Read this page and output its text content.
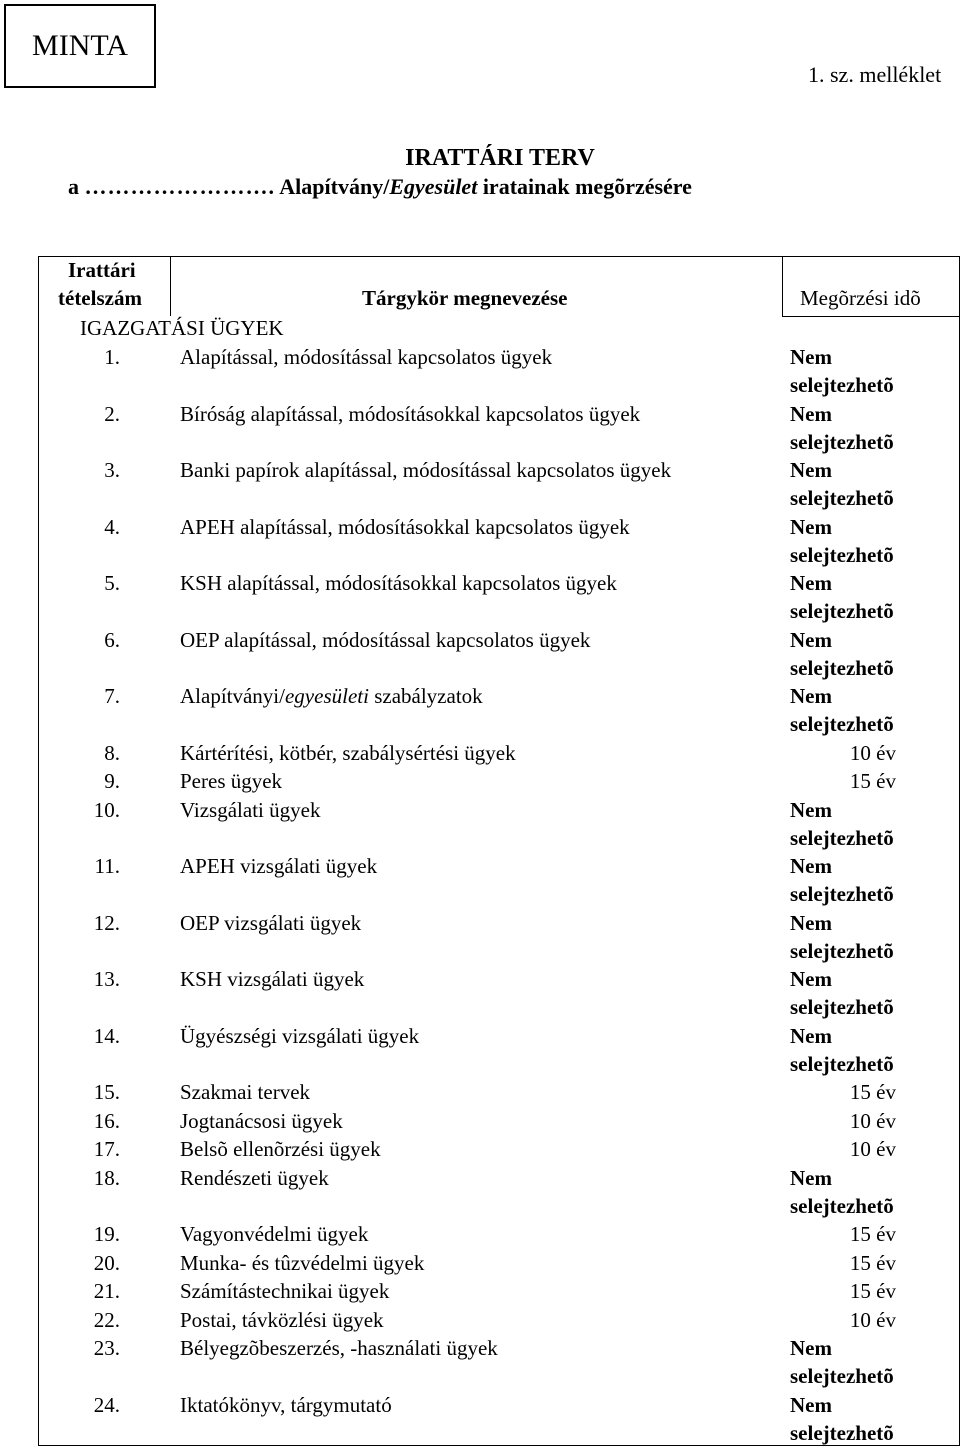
MINTA
1. sz. melléklet
IRATTÁRI TERV
a ……………………. Alapítvány/Egyesület iratainak megõrzésére
Irattári
tételszám	Tárgykör megnevezése	Megõrzési idõ
IGAZGATÁSI ÜGYEK
1.	Alapítással, módosítással kapcsolatos ügyek	Nem
selejtezhetõ
2.	Bíróság alapítással, módosításokkal kapcsolatos ügyek	Nem
selejtezhetõ
3.	Banki papírok alapítással, módosítással kapcsolatos ügyek	Nem
selejtezhetõ
4.	APEH alapítással, módosításokkal kapcsolatos ügyek	Nem
selejtezhetõ
5.	KSH alapítással, módosításokkal kapcsolatos ügyek	Nem
selejtezhetõ
6.	OEP alapítással, módosítással kapcsolatos ügyek	Nem
selejtezhetõ
7.	Alapítványi/egyesületi szabályzatok	Nem
selejtezhetõ
8.	Kártérítési, kötbér, szabálysértési ügyek	10 év
9.	Peres ügyek	15 év
10.	Vizsgálati ügyek	Nem
selejtezhetõ
11.	APEH vizsgálati ügyek	Nem
selejtezhetõ
12.	OEP vizsgálati ügyek	Nem
selejtezhetõ
13.	KSH vizsgálati ügyek	Nem
selejtezhetõ
14.	Ügyészségi vizsgálati ügyek	Nem
selejtezhetõ
15.	Szakmai tervek	15 év
16.	Jogtanácsosi ügyek	10 év
17.	Belsõ ellenõrzési ügyek	10 év
18.	Rendészeti ügyek	Nem
selejtezhetõ
19.	Vagyonvédelmi ügyek	15 év
20.	Munka- és tûzvédelmi ügyek	15 év
21.	Számítástechnikai ügyek	15 év
22.	Postai, távközlési ügyek	10 év
23.	Bélyegzõbeszerzés, -használati ügyek	Nem
selejtezhetõ
24.	Iktatókönyv, tárgymutató	Nem
selejtezhetõ
